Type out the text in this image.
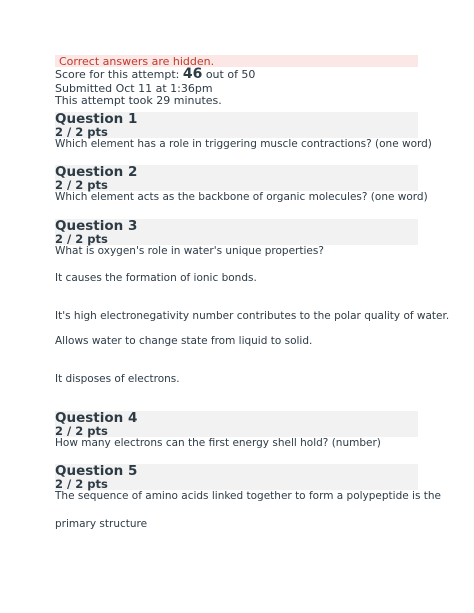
Correct answers are hidden.
Score for this attempt: 46 out of 50
Submitted Oct 11 at 1:36pm
This attempt took 29 minutes.
Question 1
2 / 2 pts
Which element has a role in triggering muscle contractions? (one word)
Question 2
2 / 2 pts
Which element acts as the backbone of organic molecules? (one word)
Question 3
2 / 2 pts
What is oxygen's role in water's unique properties?
It causes the formation of ionic bonds.
It's high electronegativity number contributes to the polar quality of water.
Allows water to change state from liquid to solid.
It disposes of electrons.
Question 4
2 / 2 pts
How many electrons can the first energy shell hold? (number)
Question 5
2 / 2 pts
The sequence of amino acids linked together to form a polypeptide is the
primary structure
